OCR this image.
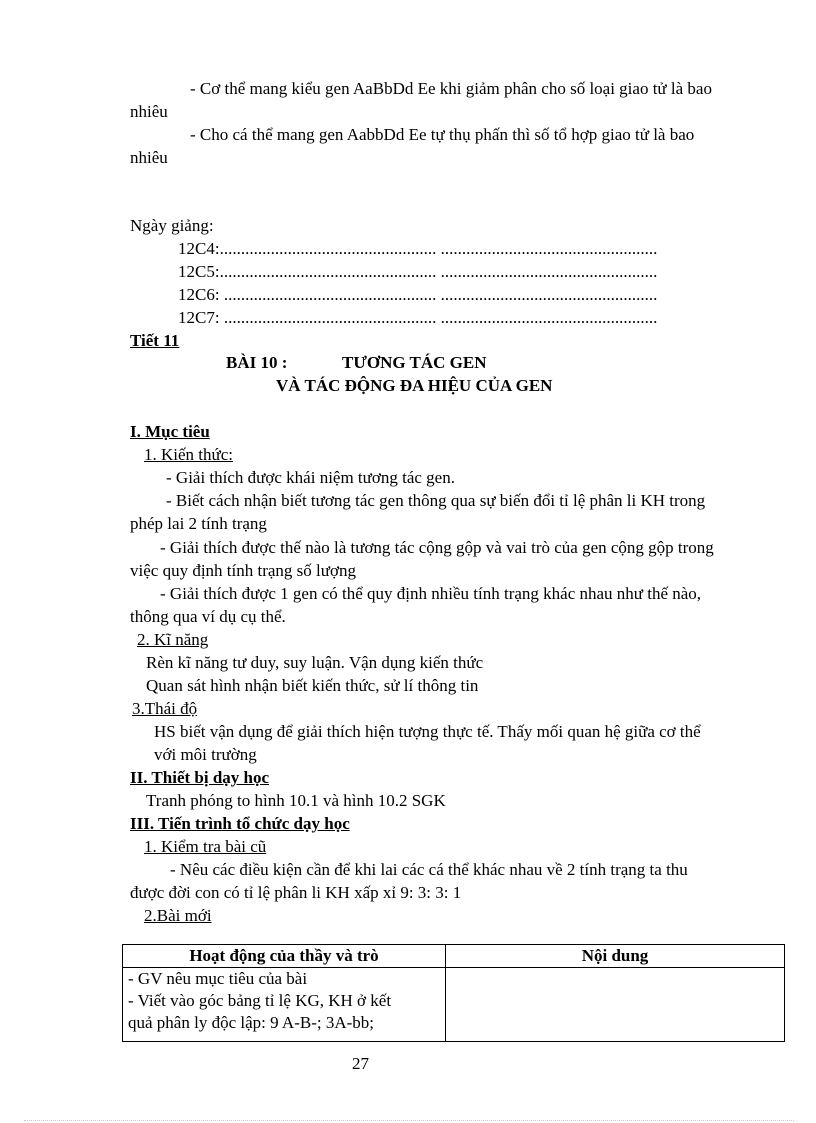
- Cơ thể mang kiểu gen AaBbDd Ee khi giảm phân cho số loại giao tử là bao
nhiêu
- Cho cá thể mang gen AabbDd Ee tự thụ phấn thì số tổ hợp giao tử là bao
nhiêu
Ngày giảng:
12C4:................................................... ...................................................
12C5:................................................... ...................................................
12C6: .................................................. ...................................................
12C7: .................................................. ...................................................
Tiết 11
BÀI 10 :	TƯƠNG TÁC GEN
VÀ TÁC ĐỘNG ĐA HIỆU CỦA GEN
I. Mục tiêu
1. Kiến thức:
- Giải thích được khái niệm tương tác gen.
- Biết cách nhận biết tương tác gen thông qua sự biến đổi tỉ lệ phân li KH trong
phép lai 2 tính trạng
- Giải thích được thế nào là tương tác cộng gộp và vai trò của gen cộng gộp trong
việc quy định tính trạng số lượng
- Giải thích được 1 gen có thể quy định nhiều tính trạng khác nhau như thế nào,
thông qua ví dụ cụ thể.
2. Kĩ năng
Rèn kĩ năng tư duy, suy luận. Vận dụng kiến thức
Quan sát hình nhận biết kiến thức, sử lí thông tin
3.Thái độ
HS biết vận dụng để giải thích hiện tượng thực tế. Thấy mối quan hệ giữa cơ thể
với môi trường
II. Thiết bị dạy học
Tranh phóng to hình 10.1 và hình 10.2 SGK
III. Tiến trình tổ chức dạy học
1. Kiểm tra bài cũ
- Nêu các điều kiện cần để khi lai các cá thể khác nhau về 2 tính trạng ta thu
được đời con có tỉ lệ phân li KH xấp xỉ 9: 3: 3: 1
2.Bài mới
Hoạt động của thầy và trò	Nội dung

- GV nêu mục tiêu của bài
- Viết vào góc bảng tỉ lệ KG, KH ở kết
quả phân ly độc lập: 9 A-B-; 3A-bb;	

27
